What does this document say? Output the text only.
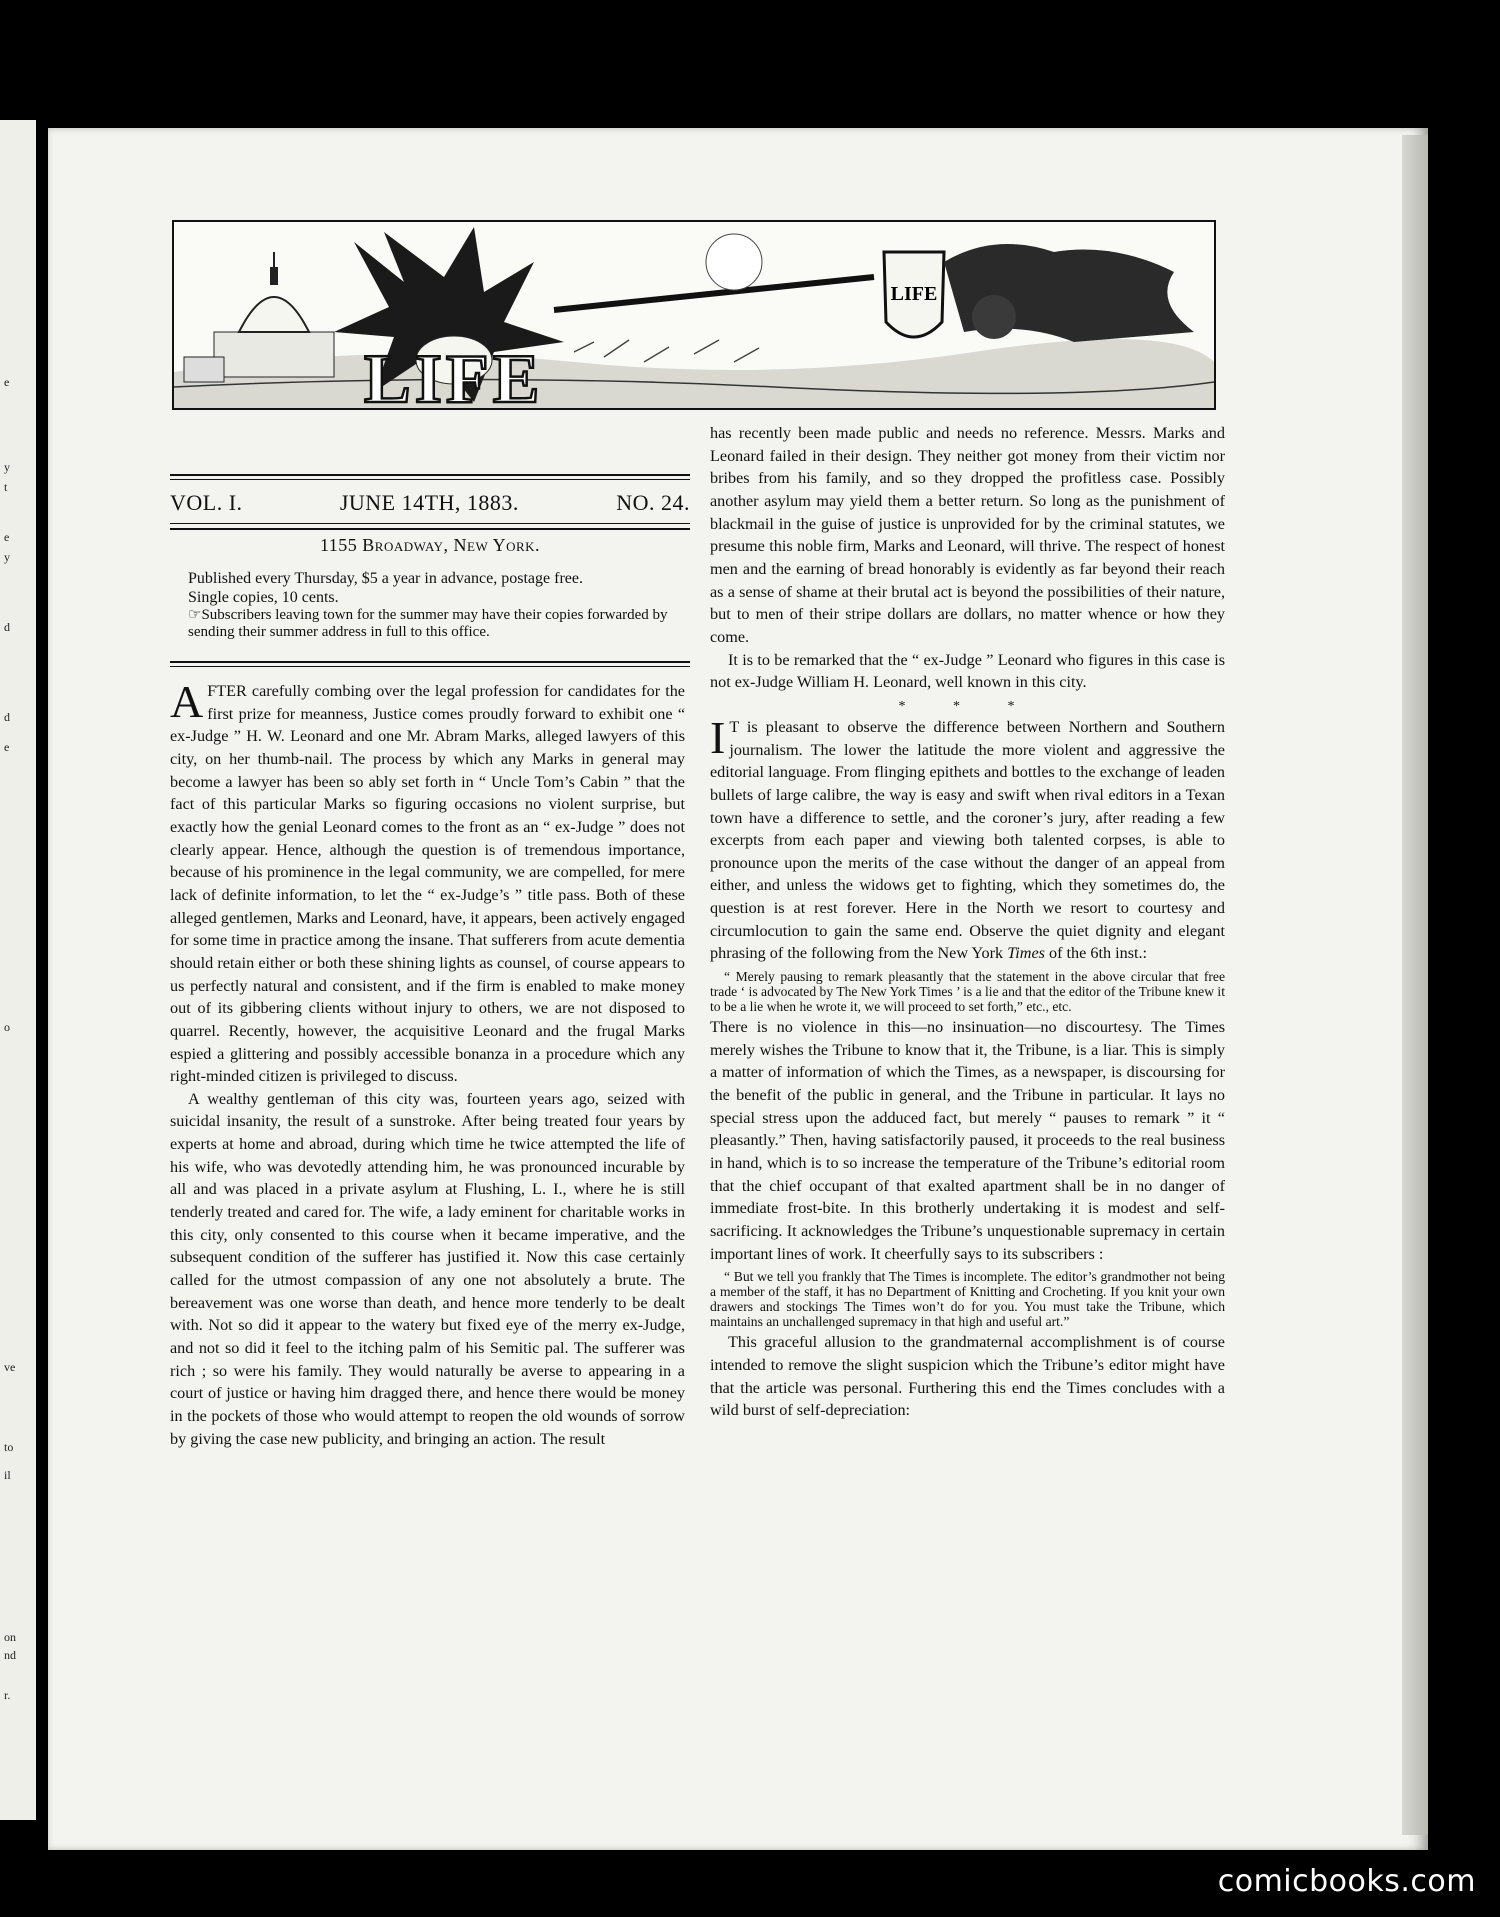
e
y
t
e
y
d
d
e
o
ve
to
il
on
nd
r.
LIFE
LIFE
VOL. I.	JUNE 14TH, 1883.	NO. 24.
1155 Broadway, New York.
Published every Thursday, $5 a year in advance, postage free.
Single copies, 10 cents.
☞Subscribers leaving town for the summer may have their copies forwarded by sending their summer address in full to this office.

AFTER carefully combing over the legal profession for candidates for the first prize for meanness, Justice comes proudly forward to exhibit one “ ex-Judge ” H. W. Leonard and one Mr. Abram Marks, alleged lawyers of this city, on her thumb-nail. The process by which any Marks in general may become a lawyer has been so ably set forth in “ Uncle Tom’s Cabin ” that the fact of this particular Marks so figuring occasions no violent surprise, but exactly how the genial Leonard comes to the front as an “ ex-Judge ” does not clearly appear. Hence, although the question is of tremendous importance, because of his prominence in the legal community, we are compelled, for mere lack of definite information, to let the “ ex-Judge’s ” title pass. Both of these alleged gentlemen, Marks and Leonard, have, it appears, been actively engaged for some time in practice among the insane. That sufferers from acute dementia should retain either or both these shining lights as counsel, of course appears to us perfectly natural and consistent, and if the firm is enabled to make money out of its gibbering clients without injury to others, we are not disposed to quarrel. Recently, however, the acquisitive Leonard and the frugal Marks espied a glittering and possibly accessible bonanza in a procedure which any right-minded citizen is privileged to discuss.

A wealthy gentleman of this city was, fourteen years ago, seized with suicidal insanity, the result of a sunstroke. After being treated four years by experts at home and abroad, during which time he twice attempted the life of his wife, who was devotedly attending him, he was pronounced incurable by all and was placed in a private asylum at Flushing, L. I., where he is still tenderly treated and cared for. The wife, a lady eminent for charitable works in this city, only consented to this course when it became imperative, and the subsequent condition of the sufferer has justified it. Now this case certainly called for the utmost compassion of any one not absolutely a brute. The bereavement was one worse than death, and hence more tenderly to be dealt with. Not so did it appear to the watery but fixed eye of the merry ex-Judge, and not so did it feel to the itching palm of his Semitic pal. The sufferer was rich ; so were his family. They would naturally be averse to appearing in a court of justice or having him dragged there, and hence there would be money in the pockets of those who would attempt to reopen the old wounds of sorrow by giving the case new publicity, and bringing an action. The result

has recently been made public and needs no reference. Messrs. Marks and Leonard failed in their design. They neither got money from their victim nor bribes from his family, and so they dropped the profitless case. Possibly another asylum may yield them a better return. So long as the punishment of blackmail in the guise of justice is unprovided for by the criminal statutes, we presume this noble firm, Marks and Leonard, will thrive. The respect of honest men and the earning of bread honorably is evidently as far beyond their reach as a sense of shame at their brutal act is beyond the possibilities of their nature, but to men of their stripe dollars are dollars, no matter whence or how they come.

It is to be remarked that the “ ex-Judge ” Leonard who figures in this case is not ex-Judge William H. Leonard, well known in this city.

* * *

I T is pleasant to observe the difference between Northern and Southern journalism. The lower the latitude the more violent and aggressive the editorial language. From flinging epithets and bottles to the exchange of leaden bullets of large calibre, the way is easy and swift when rival editors in a Texan town have a difference to settle, and the coroner’s jury, after reading a few excerpts from each paper and viewing both talented corpses, is able to pronounce upon the merits of the case without the danger of an appeal from either, and unless the widows get to fighting, which they sometimes do, the question is at rest forever. Here in the North we resort to courtesy and circumlocution to gain the same end. Observe the quiet dignity and elegant phrasing of the following from the New York Times of the 6th inst.:

“ Merely pausing to remark pleasantly that the statement in the above circular that free trade ‘ is advocated by The New York Times ’ is a lie and that the editor of the Tribune knew it to be a lie when he wrote it, we will proceed to set forth,” etc., etc.

There is no violence in this—no insinuation—no discourtesy. The Times merely wishes the Tribune to know that it, the Tribune, is a liar. This is simply a matter of information of which the Times, as a newspaper, is discoursing for the benefit of the public in general, and the Tribune in particular. It lays no special stress upon the adduced fact, but merely “ pauses to remark ” it “ pleasantly.” Then, having satisfactorily paused, it proceeds to the real business in hand, which is to so increase the temperature of the Tribune’s editorial room that the chief occupant of that exalted apartment shall be in no danger of immediate frost-bite. In this brotherly undertaking it is modest and self-sacrificing. It acknowledges the Tribune’s unquestionable supremacy in certain important lines of work. It cheerfully says to its subscribers :

“ But we tell you frankly that The Times is incomplete. The editor’s grandmother not being a member of the staff, it has no Department of Knitting and Crocheting. If you knit your own drawers and stockings The Times won’t do for you. You must take the Tribune, which maintains an unchallenged supremacy in that high and useful art.”

This graceful allusion to the grandmaternal accomplishment is of course intended to remove the slight suspicion which the Tribune’s editor might have that the article was personal. Furthering this end the Times concludes with a wild burst of self-depreciation:

comicbooks.com
